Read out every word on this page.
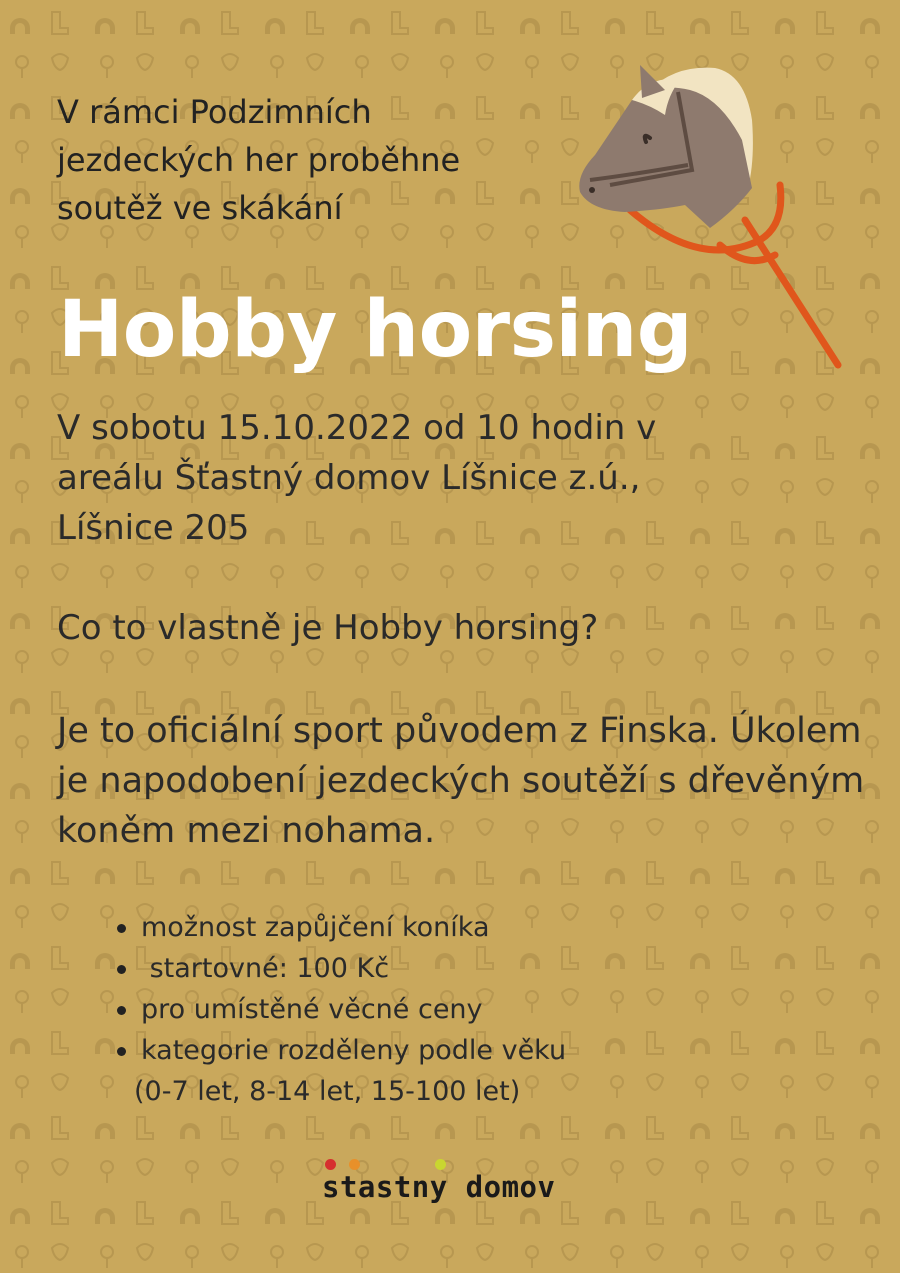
V rámci Podzimních
jezdeckých her proběhne
soutěž ve skákání
Hobby horsing
V sobotu 15.10.2022 od 10 hodin v
areálu Šťastný domov Líšnice z.ú.,
Líšnice 205
Co to vlastně je Hobby horsing?
Je to oficiální sport původem z Finska. Úkolem
je napodobení jezdeckých soutěží s dřevěným
koněm mezi nohama.
možnost zapůjčení koníka
startovné: 100 Kč
pro umístěné věcné ceny
kategorie rozděleny podle věku
(0-7 let, 8-14 let, 15-100 let)
stastny domov
